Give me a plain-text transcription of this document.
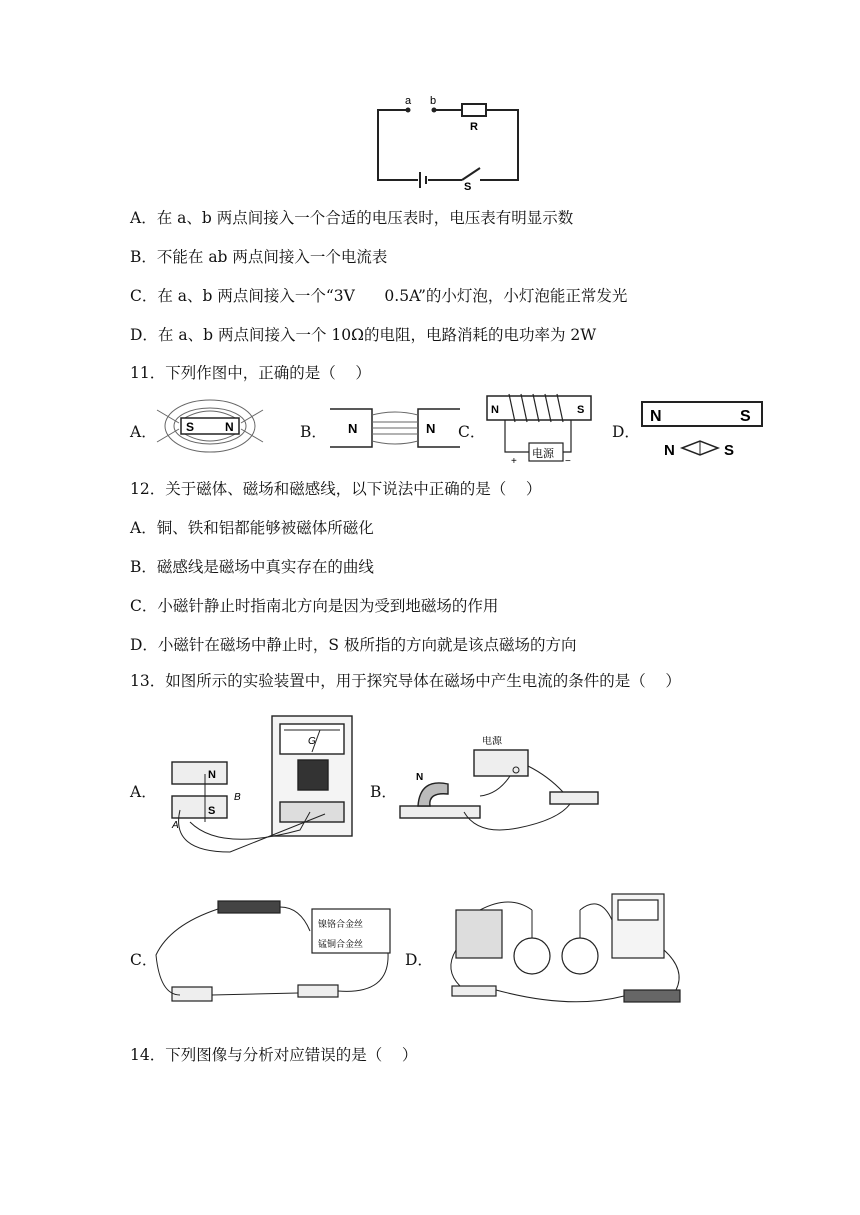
a b
R
S
A．在 a、b 两点间接入一个合适的电压表时，电压表有明显示数
B．不能在 ab 两点间接入一个电流表
C．在 a、b 两点间接入一个“3V      0.5A”的小灯泡，小灯泡能正常发光
D．在 a、b 两点间接入一个 10Ω的电阻，电路消耗的电功率为 2W
11．下列作图中，正确的是（    ）
A． S	N	B． N	N C．
N	S
电源
+	−
D．
N	S
N	S
12．关于磁体、磁场和磁感线，以下说法中正确的是（    ）
A．铜、铁和铝都能够被磁体所磁化
B．磁感线是磁场中真实存在的曲线
C．小磁针静止时指南北方向是因为受到地磁场的作用
D．小磁针在磁场中静止时，S 极所指的方向就是该点磁场的方向
13．如图所示的实验装置中，用于探究导体在磁场中产生电流的条件的是（    ）
A．
N
S
A
B
G
B．
电源
N
C．
镍铬合金丝
锰铜合金丝
D．
14．下列图像与分析对应错误的是（    ）
